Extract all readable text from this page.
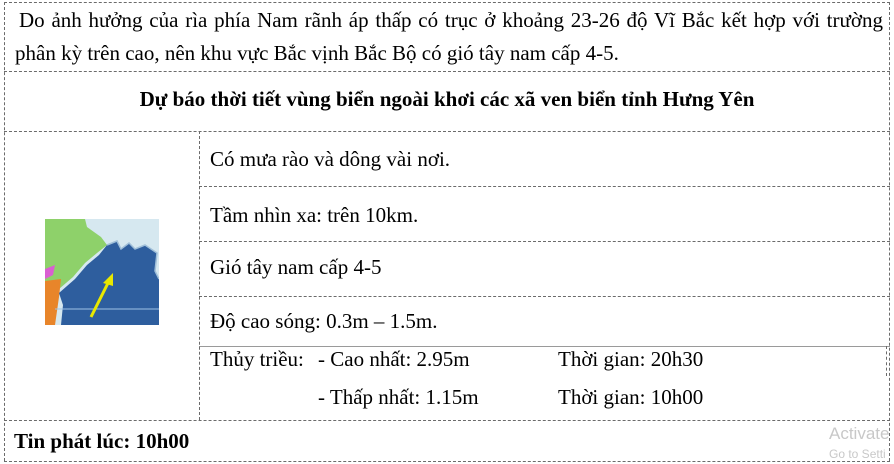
Do ảnh hưởng của rìa phía Nam rãnh áp thấp có trục ở khoảng 23-26 độ Vĩ Bắc kết hợp với trường phân kỳ trên cao, nên khu vực Bắc vịnh Bắc Bộ có gió tây nam cấp 4-5.
Dự báo thời tiết vùng biển ngoài khơi các xã ven biển tỉnh Hưng Yên
Có mưa rào và dông vài nơi.
Tầm nhìn xa: trên 10km.
Gió tây nam cấp 4-5
Độ cao sóng: 0.3m – 1.5m.
Thủy triều: - Cao nhất: 2.95m	Thời gian: 20h30
- Thấp nhất: 1.15m	Thời gian: 10h00
Tin phát lúc: 10h00	Activate
Go to Setti
